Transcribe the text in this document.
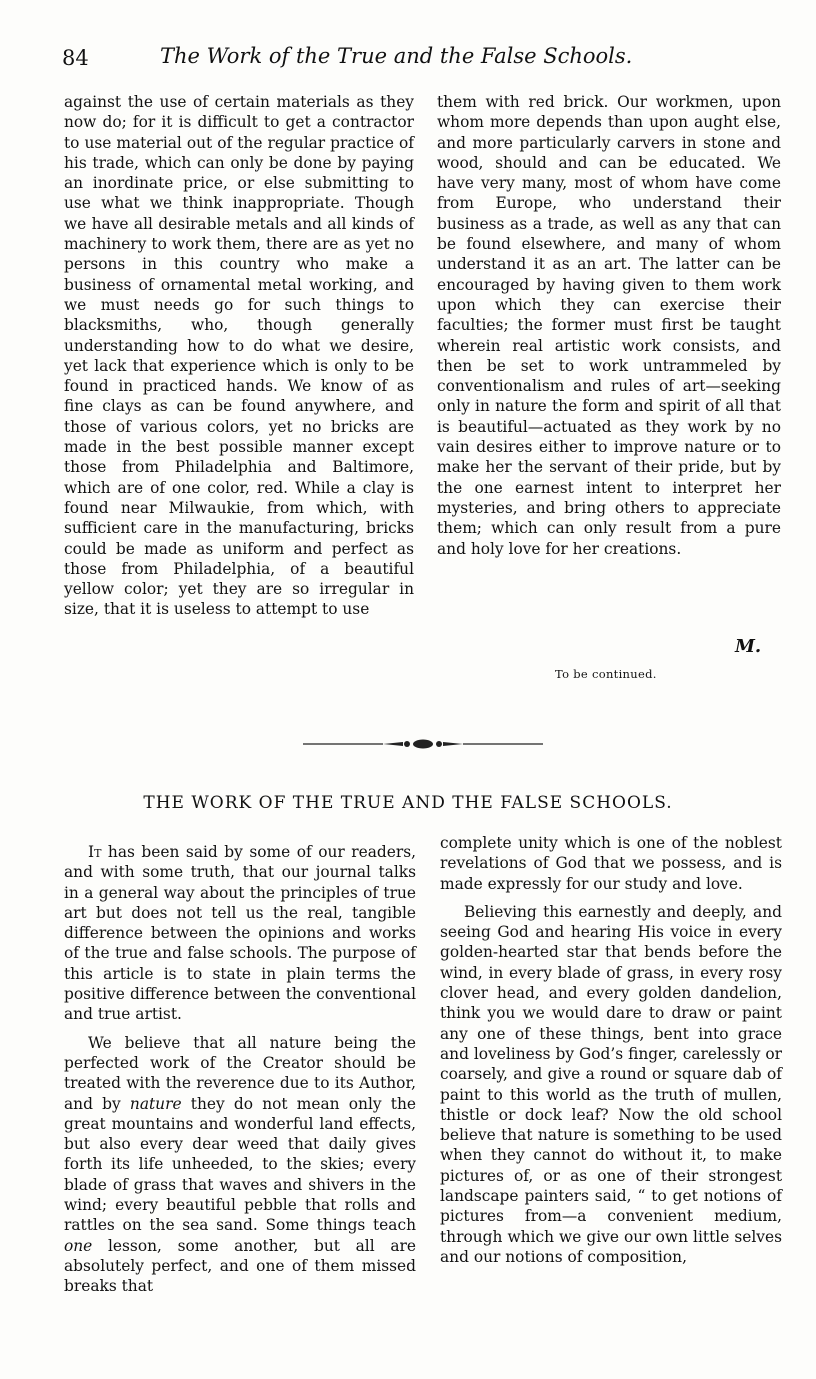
84	The Work of the True and the False Schools.

against the use of certain materials as they now do; for it is difficult to get a contractor to use material out of the regular practice of his trade, which can only be done by paying an inordinate price, or else submitting to use what we think inappropriate. Though we have all desirable metals and all kinds of machinery to work them, there are as yet no persons in this country who make a business of ornamental metal working, and we must needs go for such things to blacksmiths, who, though generally understanding how to do what we desire, yet lack that experience which is only to be found in practiced hands. We know of as fine clays as can be found anywhere, and those of various colors, yet no bricks are made in the best possible manner except those from Philadelphia and Baltimore, which are of one color, red. While a clay is found near Milwaukie, from which, with sufficient care in the manufacturing, bricks could be made as uniform and perfect as those from Philadelphia, of a beautiful yellow color; yet they are so irregular in size, that it is useless to attempt to use

them with red brick. Our workmen, upon whom more depends than upon aught else, and more particularly carvers in stone and wood, should and can be educated. We have very many, most of whom have come from Europe, who understand their business as a trade, as well as any that can be found elsewhere, and many of whom understand it as an art. The latter can be encouraged by having given to them work upon which they can exercise their faculties; the former must first be taught wherein real artistic work consists, and then be set to work untrammeled by conventionalism and rules of art—seeking only in nature the form and spirit of all that is beautiful—actuated as they work by no vain desires either to improve nature or to make her the servant of their pride, but by the one earnest intent to interpret her mysteries, and bring others to appreciate them; which can only result from a pure and holy love for her creations.

M.
To be continued.
THE WORK OF THE TRUE AND THE FALSE SCHOOLS.

It has been said by some of our readers, and with some truth, that our journal talks in a general way about the principles of true art but does not tell us the real, tangible difference between the opinions and works of the true and false schools. The purpose of this article is to state in plain terms the positive difference between the conventional and true artist.

We believe that all nature being the perfected work of the Creator should be treated with the reverence due to its Author, and by nature they do not mean only the great mountains and wonderful land effects, but also every dear weed that daily gives forth its life unheeded, to the skies; every blade of grass that waves and shivers in the wind; every beautiful pebble that rolls and rattles on the sea sand. Some things teach one lesson, some another, but all are absolutely perfect, and one of them missed breaks that

complete unity which is one of the noblest revelations of God that we possess, and is made expressly for our study and love.

Believing this earnestly and deeply, and seeing God and hearing His voice in every golden-hearted star that bends before the wind, in every blade of grass, in every rosy clover head, and every golden dandelion, think you we would dare to draw or paint any one of these things, bent into grace and loveliness by God’s finger, carelessly or coarsely, and give a round or square dab of paint to this world as the truth of mullen, thistle or dock leaf? Now the old school believe that nature is something to be used when they cannot do without it, to make pictures of, or as one of their strongest landscape painters said, “ to get notions of pictures from—a convenient medium, through which we give our own little selves and our notions of composition,
